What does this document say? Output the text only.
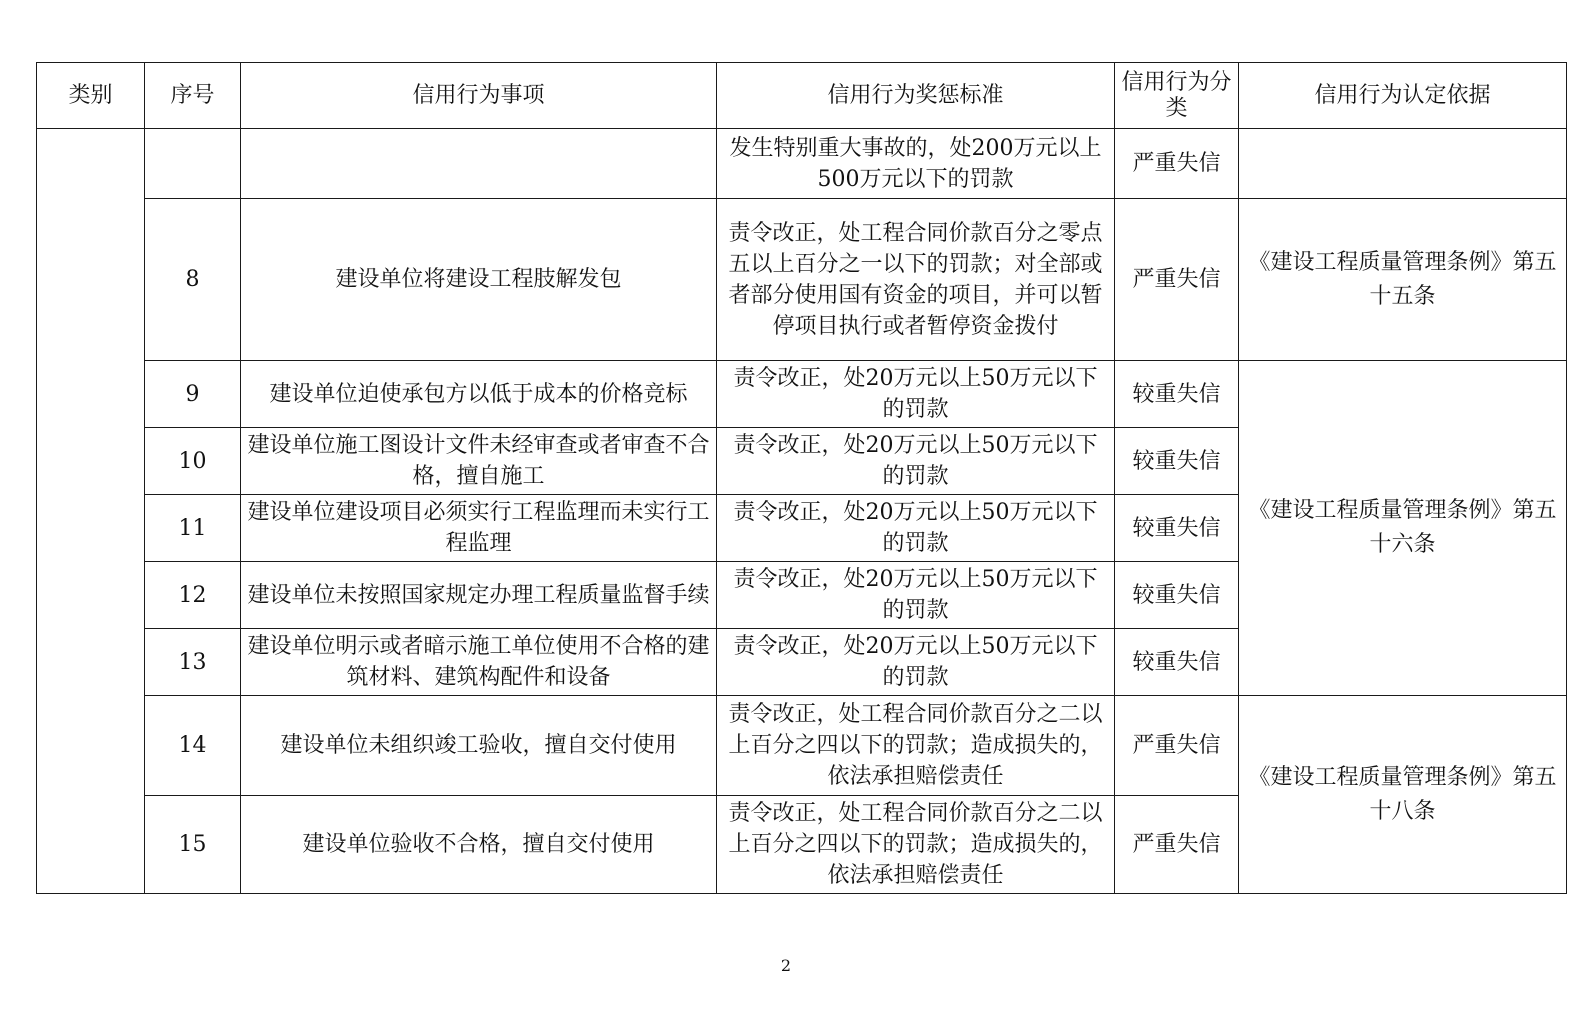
类别	序号	信用行为事项	信用行为奖惩标准	信用行为分类	信用行为认定依据
			发生特别重大事故的，处200万元以上500万元以下的罚款	严重失信	
	8	建设单位将建设工程肢解发包	责令改正，处工程合同价款百分之零点五以上百分之一以下的罚款；对全部或者部分使用国有资金的项目，并可以暂停项目执行或者暂停资金拨付	严重失信	《建设工程质量管理条例》第五十五条
	9	建设单位迫使承包方以低于成本的价格竞标	责令改正，处20万元以上50万元以下的罚款	较重失信	《建设工程质量管理条例》第五十六条
	10	建设单位施工图设计文件未经审查或者审查不合格，擅自施工	责令改正，处20万元以上50万元以下的罚款	较重失信	
	11	建设单位建设项目必须实行工程监理而未实行工程监理	责令改正，处20万元以上50万元以下的罚款	较重失信	
	12	建设单位未按照国家规定办理工程质量监督手续	责令改正，处20万元以上50万元以下的罚款	较重失信	
	13	建设单位明示或者暗示施工单位使用不合格的建筑材料、建筑构配件和设备	责令改正，处20万元以上50万元以下的罚款	较重失信	
	14	建设单位未组织竣工验收，擅自交付使用	责令改正，处工程合同价款百分之二以上百分之四以下的罚款；造成损失的，依法承担赔偿责任	严重失信	《建设工程质量管理条例》第五十八条
	15	建设单位验收不合格，擅自交付使用	责令改正，处工程合同价款百分之二以上百分之四以下的罚款；造成损失的，依法承担赔偿责任	严重失信	
2
